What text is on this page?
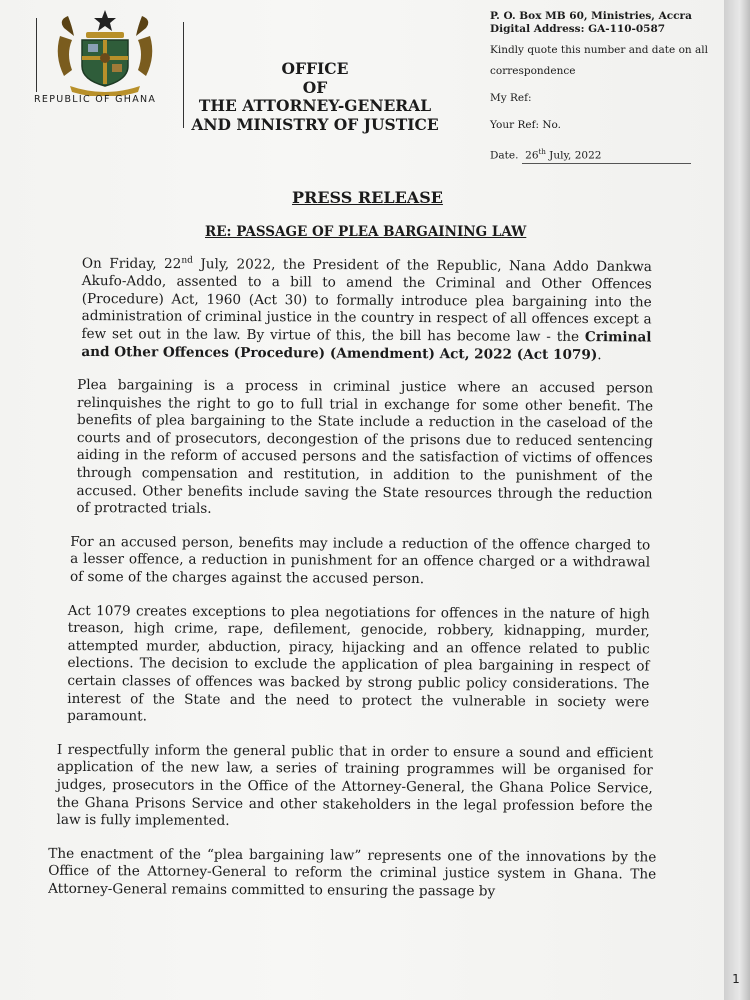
REPUBLIC OF GHANA
OFFICE
OF
THE ATTORNEY-GENERAL
AND MINISTRY OF JUSTICE
P. O. Box MB 60, Ministries, Accra
Digital Address: GA-110-0587
Kindly quote this number and date on all
correspondence
My Ref:
Your Ref: No.
Date. 26th July, 2022
PRESS RELEASE
RE: PASSAGE OF PLEA BARGAINING LAW

On Friday, 22nd July, 2022, the President of the Republic, Nana Addo Dankwa Akufo-Addo, assented to a bill to amend the Criminal and Other Offences (Procedure) Act, 1960 (Act 30) to formally introduce plea bargaining into the administration of criminal justice in the country in respect of all offences except a few set out in the law. By virtue of this, the bill has become law - the Criminal and Other Offences (Procedure) (Amendment) Act, 2022 (Act 1079).

Plea bargaining is a process in criminal justice where an accused person relinquishes the right to go to full trial in exchange for some other benefit. The benefits of plea bargaining to the State include a reduction in the caseload of the courts and of prosecutors, decongestion of the prisons due to reduced sentencing aiding in the reform of accused persons and the satisfaction of victims of offences through compensation and restitution, in addition to the punishment of the accused. Other benefits include saving the State resources through the reduction of protracted trials.

For an accused person, benefits may include a reduction of the offence charged to a lesser offence, a reduction in punishment for an offence charged or a withdrawal of some of the charges against the accused person.

Act 1079 creates exceptions to plea negotiations for offences in the nature of high treason, high crime, rape, defilement, genocide, robbery, kidnapping, murder, attempted murder, abduction, piracy, hijacking and an offence related to public elections. The decision to exclude the application of plea bargaining in respect of certain classes of offences was backed by strong public policy considerations. The interest of the State and the need to protect the vulnerable in society were paramount.

I respectfully inform the general public that in order to ensure a sound and efficient application of the new law, a series of training programmes will be organised for judges, prosecutors in the Office of the Attorney-General, the Ghana Police Service, the Ghana Prisons Service and other stakeholders in the legal profession before the law is fully implemented.

The enactment of the “plea bargaining law” represents one of the innovations by the Office of the Attorney-General to reform the criminal justice system in Ghana. The Attorney-General remains committed to ensuring the passage by

1
